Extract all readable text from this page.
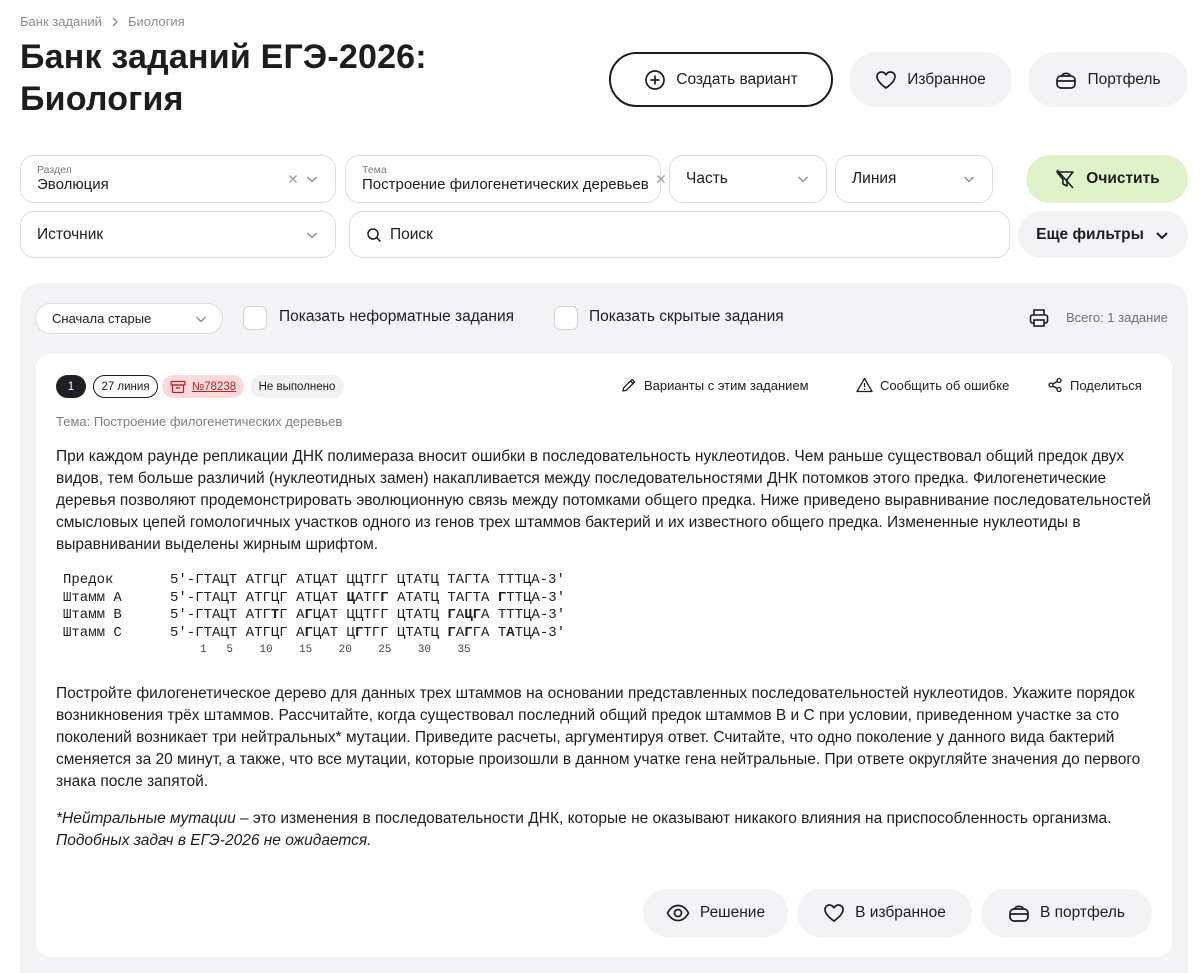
Банк заданий Биология
Банк заданий ЕГЭ-2026: Биология
Создать вариант	Избранное	Портфель
Раздел
Эволюция
Тема
Построение филогенетических деревьев Часть	Линия	Очистить
Источник	Поиск	Еще фильтры
Сначала старые	Показать неформатные задания	Показать скрытые задания	Всего: 1 задание
1	27 линия	№78238	Не выполнено	Варианты с этим заданием	Сообщить об ошибке	Поделиться
Тема: Построение филогенетических деревьев

При каждом раунде репликации ДНК полимераза вносит ошибки в последовательность нуклеотидов. Чем раньше существовал общий предок двух видов, тем больше различий (нуклеотидных замен) накапливается между последовательностями ДНК потомков этого предка. Филогенетические деревья позволяют продемонстрировать эволюционную связь между потомками общего предка. Ниже приведено выравнивание последовательностей смысловых цепей гомологичных участков одного из генов трех штаммов бактерий и их известного общего предка. Измененные нуклеотиды в выравнивании выделены жирным шрифтом.

Предок	5′-ГТАЦТ АТГЦГ АТЦАТ ЦЦТГГ ЦТАТЦ ТАГТА ТТТЦА-3′
Штамм А	5′-ГТАЦТ АТГЦГ АТЦАТ ЦАТГГ АТАТЦ ТАГТА ГТТЦА-3′
Штамм В	5′-ГТАЦТ АТГТГ АГЦАТ ЦЦТГГ ЦТАТЦ ГАЦГА ТТТЦА-3′
Штамм С	5′-ГТАЦТ АТГЦГ АГЦАТ ЦГТГГ ЦТАТЦ ГАГГА ТАТЦА-3′
	1   5    10    15    20    25    30    35

Постройте филогенетическое дерево для данных трех штаммов на основании представленных последовательностей нуклеотидов. Укажите порядок возникновения трёх штаммов. Рассчитайте, когда существовал последний общий предок штаммов В и С при условии, приведенном участке за сто поколений возникает три нейтральных* мутации. Приведите расчеты, аргументируя ответ. Считайте, что одно поколение у данного вида бактерий сменяется за 20 минут, а также, что все мутации, которые произошли в данном учатке гена нейтральные. При ответе округляйте значения до первого знака после запятой.

*Нейтральные мутации – это изменения в последовательности ДНК, которые не оказывают никакого влияния на приспособленность организма.
Подобных задач в ЕГЭ-2026 не ожидается.
Решение	В избранное	В портфель
